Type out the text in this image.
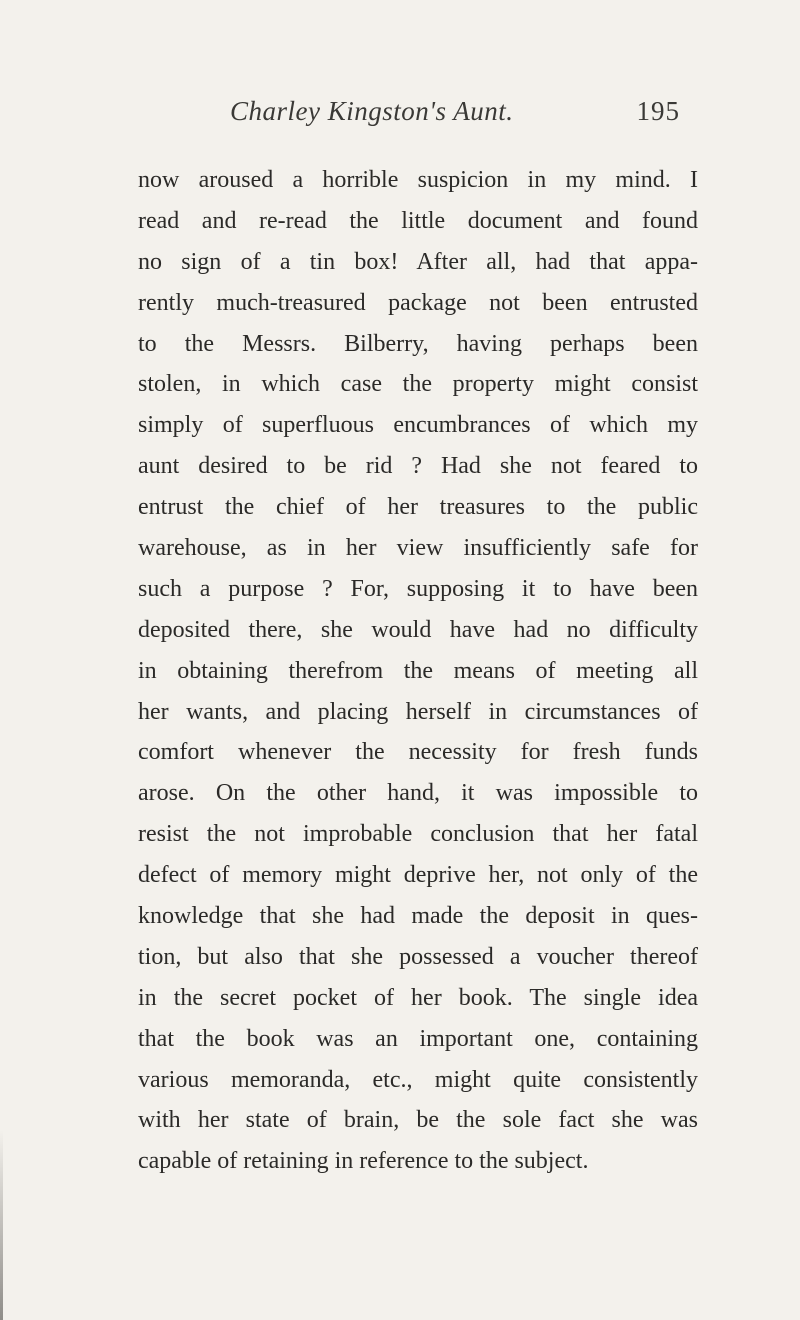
Charley Kingston's Aunt.	195
now aroused a horrible suspicion in my mind. I
read and re-read the little document and found
no sign of a tin box! After all, had that appa-
rently much-treasured package not been entrusted
to the Messrs. Bilberry, having perhaps been
stolen, in which case the property might consist
simply of superfluous encumbrances of which my
aunt desired to be rid ? Had she not feared to
entrust the chief of her treasures to the public
warehouse, as in her view insufficiently safe for
such a purpose ? For, supposing it to have been
deposited there, she would have had no difficulty
in obtaining therefrom the means of meeting all
her wants, and placing herself in circumstances of
comfort whenever the necessity for fresh funds
arose. On the other hand, it was impossible to
resist the not improbable conclusion that her fatal
defect of memory might deprive her, not only of the
knowledge that she had made the deposit in ques-
tion, but also that she possessed a voucher thereof
in the secret pocket of her book. The single idea
that the book was an important one, containing
various memoranda, etc., might quite consistently
with her state of brain, be the sole fact she was
capable of retaining in reference to the subject.
